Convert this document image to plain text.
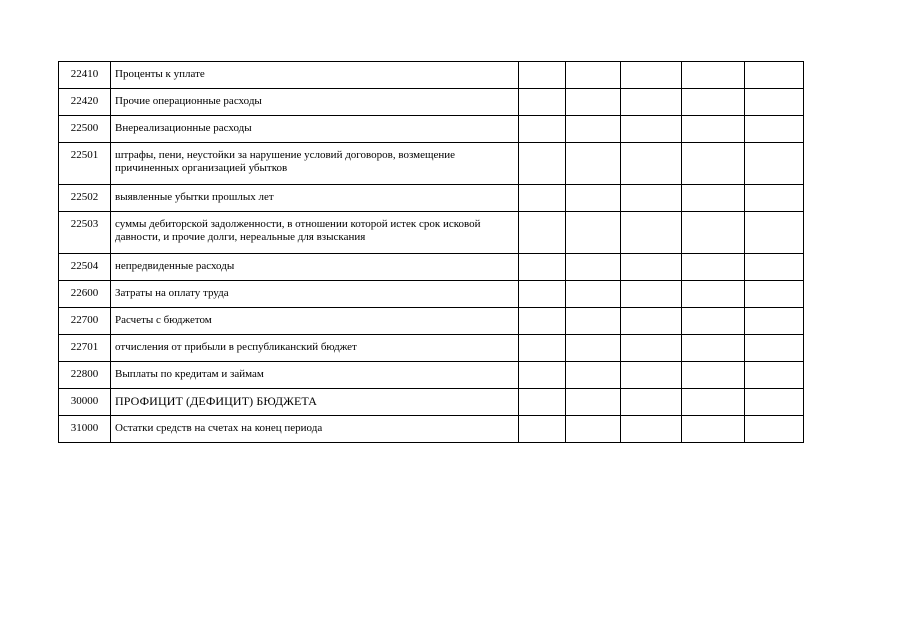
22410	Проценты к уплате					
22420	Прочие операционные расходы					
22500	Внереализационные расходы					
22501	штрафы, пени, неустойки за нарушение условий договоров, возмещение причиненных организацией убытков					
22502	выявленные убытки прошлых лет					
22503	суммы дебиторской задолженности, в отношении которой истек срок исковой давности, и прочие долги, нереальные для взыскания					
22504	непредвиденные расходы					
22600	Затраты на оплату труда					
22700	Расчеты с бюджетом					
22701	отчисления от прибыли в республиканский бюджет					
22800	Выплаты по кредитам и займам					
30000	ПРОФИЦИТ (ДЕФИЦИТ) БЮДЖЕТА					
31000	Остатки средств на счетах на конец периода					
